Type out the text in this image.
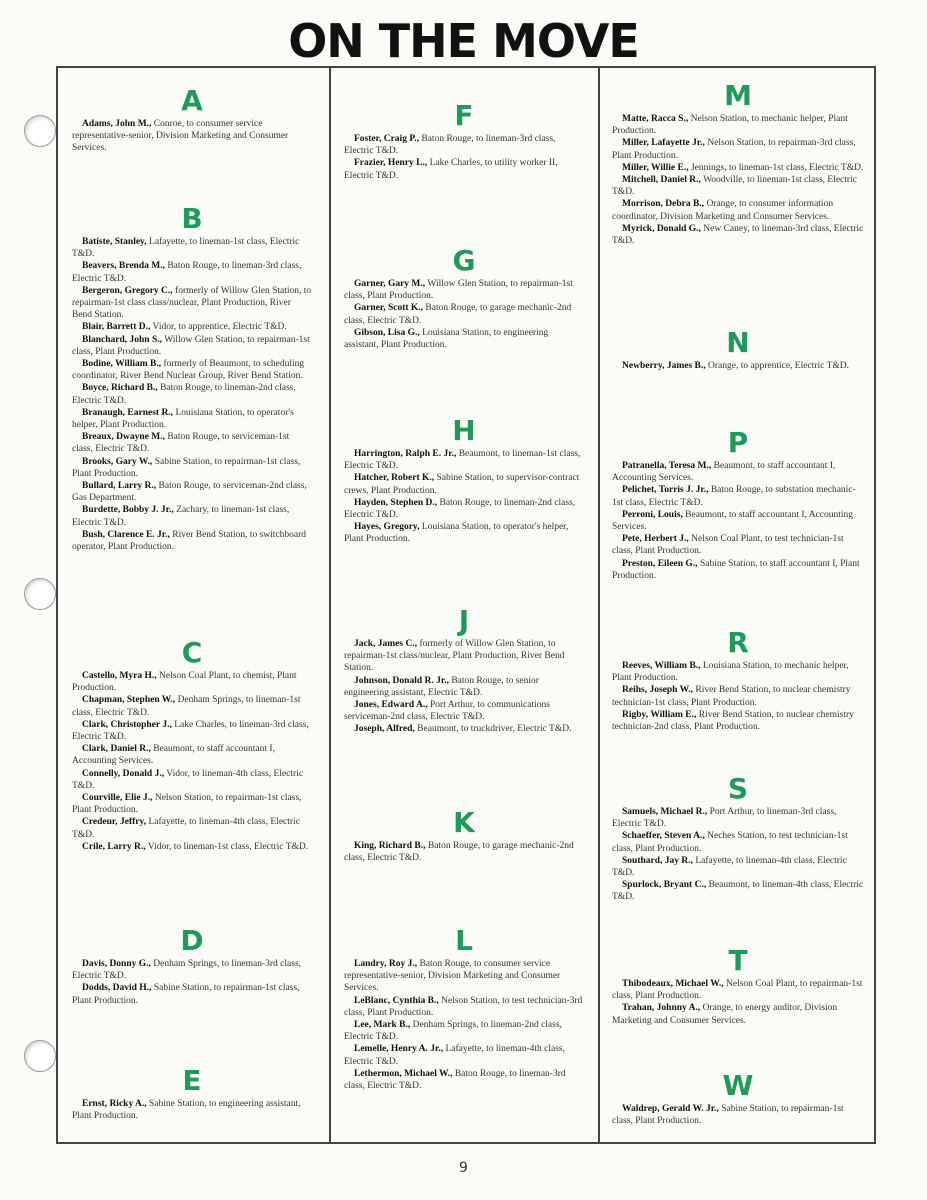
ON THE MOVE
A
Adams, John M., Conroe, to consumer service representative-senior, Division Marketing and Consumer Services.
B
Batiste, Stanley, Lafayette, to lineman-1st class, Electric T&D.
Beavers, Brenda M., Baton Rouge, to lineman-3rd class, Electric T&D.
Bergeron, Gregory C., formerly of Willow Glen Station, to repairman-1st class class/nuclear, Plant Production, River Bend Station.
Blair, Barrett D., Vidor, to apprentice, Electric T&D.
Blanchard, John S., Willow Glen Station, to repairman-1st class, Plant Production.
Bodine, William B., formerly of Beaumont, to scheduling coordinator, River Bend Nuclear Group, River Bend Station.
Boyce, Richard B., Baton Rouge, to lineman-2nd class, Electric T&D.
Branaugh, Earnest R., Louisiana Station, to operator's helper, Plant Production.
Breaux, Dwayne M., Baton Rouge, to serviceman-1st class, Electric T&D.
Brooks, Gary W., Sabine Station, to repairman-1st class, Plant Production.
Bullard, Larry R., Baton Rouge, to serviceman-2nd class, Gas Department.
Burdette, Bobby J. Jr., Zachary, to lineman-1st class, Electric T&D.
Bush, Clarence E. Jr., River Bend Station, to switchboard operator, Plant Production.
C
Castello, Myra H., Nelson Coal Plant, to chemist, Plant Production.
Chapman, Stephen W., Denham Springs, to lineman-1st class, Electric T&D.
Clark, Christopher J., Lake Charles, to lineman-3rd class, Electric T&D.
Clark, Daniel R., Beaumont, to staff accountant I, Accounting Services.
Connelly, Donald J., Vidor, to lineman-4th class, Electric T&D.
Courville, Elie J., Nelson Station, to repairman-1st class, Plant Production.
Credeur, Jeffry, Lafayette, to lineman-4th class, Electric T&D.
Crile, Larry R., Vidor, to lineman-1st class, Electric T&D.
D
Davis, Donny G., Denham Springs, to lineman-3rd class, Electric T&D.
Dodds, David H., Sabine Station, to repairman-1st class, Plant Production.
E
Ernst, Ricky A., Sabine Station, to engineering assistant, Plant Production.
F
Foster, Craig P., Baton Rouge, to lineman-3rd class, Electric T&D.
Frazier, Henry L., Lake Charles, to utility worker II, Electric T&D.
G
Garner, Gary M., Willow Glen Station, to repairman-1st class, Plant Production.
Garner, Scott K., Baton Rouge, to garage mechanic-2nd class, Electric T&D.
Gibson, Lisa G., Louisiana Station, to engineering assistant, Plant Production.
H
Harrington, Ralph E. Jr., Beaumont, to lineman-1st class, Electric T&D.
Hatcher, Robert K., Sabine Station, to supervisor-contract crews, Plant Production.
Hayden, Stephen D., Baton Rouge, to lineman-2nd class, Electric T&D.
Hayes, Gregory, Louisiana Station, to operator's helper, Plant Production.
J
Jack, James C., formerly of Willow Glen Station, to repairman-1st class/nuclear, Plant Production, River Bend Station.
Johnson, Donald R. Jr., Baton Rouge, to senior engineering assistant, Electric T&D.
Jones, Edward A., Port Arthur, to communications serviceman-2nd class, Electric T&D.
Joseph, Alfred, Beaumont, to truckdriver, Electric T&D.
K
King, Richard B., Baton Rouge, to garage mechanic-2nd class, Electric T&D.
L
Landry, Roy J., Baton Rouge, to consumer service representative-senior, Division Marketing and Consumer Services.
LeBlanc, Cynthia B., Nelson Station, to test technician-3rd class, Plant Production.
Lee, Mark B., Denham Springs, to lineman-2nd class, Electric T&D.
Lemelle, Henry A. Jr., Lafayette, to lineman-4th class, Electric T&D.
Lethermon, Michael W., Baton Rouge, to lineman-3rd class, Electric T&D.
M
Matte, Racca S., Nelson Station, to mechanic helper, Plant Production.
Miller, Lafayette Jr., Nelson Station, to repairman-3rd class, Plant Production.
Miller, Willie E., Jennings, to lineman-1st class, Electric T&D.
Mitchell, Daniel R., Woodville, to lineman-1st class, Electric T&D.
Morrison, Debra B., Orange, to consumer information coordinator, Division Marketing and Consumer Services.
Myrick, Donald G., New Caney, to lineman-3rd class, Electric T&D.
N
Newberry, James B., Orange, to apprentice, Electric T&D.
P
Patranella, Teresa M., Beaumont, to staff accountant I, Accounting Services.
Pelichet, Torris J. Jr., Baton Rouge, to substation mechanic-1st class, Electric T&D.
Perroni, Louis, Beaumont, to staff accountant I, Accounting Services.
Pete, Herbert J., Nelson Coal Plant, to test technician-1st class, Plant Production.
Preston, Eileen G., Sabine Station, to staff accountant I, Plant Production.
R
Reeves, William B., Louisiana Station, to mechanic helper, Plant Production.
Reihs, Joseph W., River Bend Station, to nuclear chemistry technician-1st class, Plant Production.
Rigby, William E., River Bend Station, to nuclear chemistry technician-2nd class, Plant Production.
S
Samuels, Michael R., Port Arthur, to lineman-3rd class, Electric T&D.
Schaeffer, Steven A., Neches Station, to test technician-1st class, Plant Production.
Southard, Jay R., Lafayette, to lineman-4th class, Electric T&D.
Spurlock, Bryant C., Beaumont, to lineman-4th class, Electric T&D.
T
Thibodeaux, Michael W., Nelson Coal Plant, to repairman-1st class, Plant Production.
Trahan, Johnny A., Orange, to energy auditor, Division Marketing and Consumer Services.
W
Waldrep, Gerald W. Jr., Sabine Station, to repairman-1st class, Plant Production.
9
